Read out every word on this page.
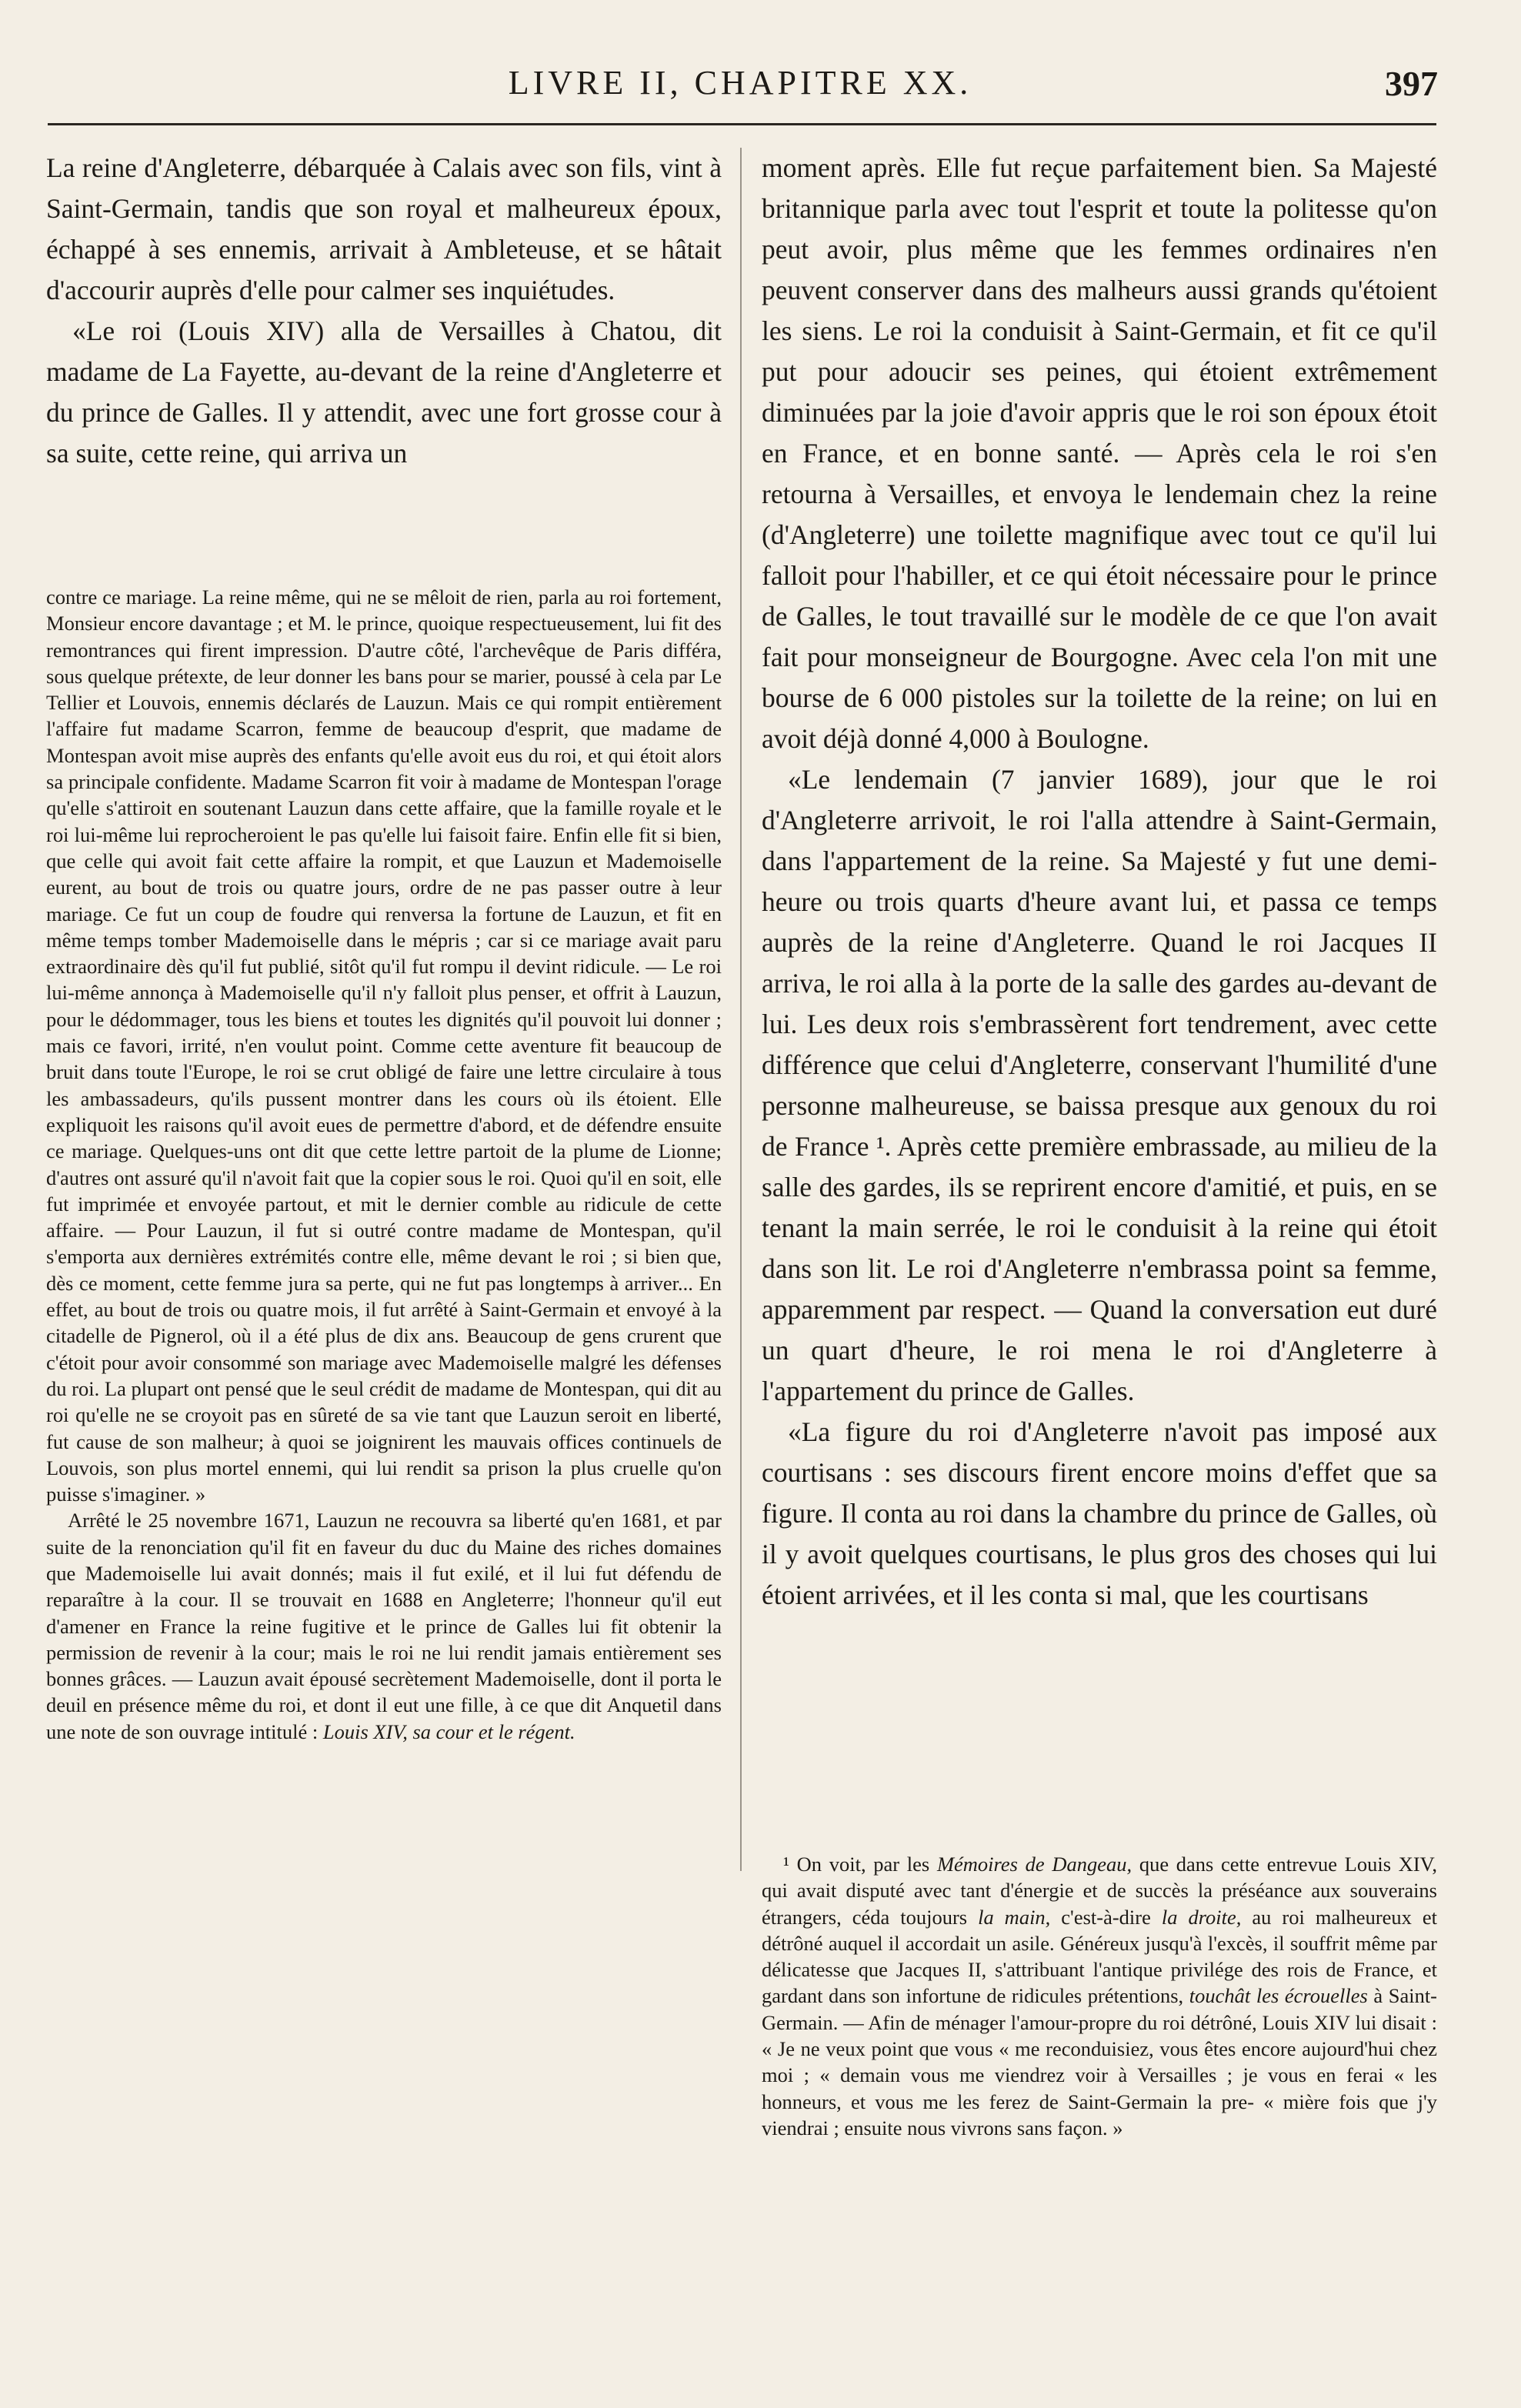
LIVRE II, CHAPITRE XX.	397

La reine d'Angleterre, débarquée à Calais avec son fils, vint à Saint-Germain, tandis que son royal et malheureux époux, échappé à ses ennemis, arrivait à Ambleteuse, et se hâtait d'accourir auprès d'elle pour calmer ses inquiétudes.

«Le roi (Louis XIV) alla de Versailles à Chatou, dit madame de La Fayette, au-devant de la reine d'Angleterre et du prince de Galles. Il y attendit, avec une fort grosse cour à sa suite, cette reine, qui arriva un

contre ce mariage. La reine même, qui ne se mêloit de rien, parla au roi fortement, Monsieur encore davantage ; et M. le prince, quoique respectueusement, lui fit des remontrances qui firent impression. D'autre côté, l'archevêque de Paris différa, sous quelque prétexte, de leur donner les bans pour se marier, poussé à cela par Le Tellier et Louvois, ennemis déclarés de Lauzun. Mais ce qui rompit entièrement l'affaire fut madame Scarron, femme de beaucoup d'esprit, que madame de Montespan avoit mise auprès des enfants qu'elle avoit eus du roi, et qui étoit alors sa principale confidente. Madame Scarron fit voir à madame de Montespan l'orage qu'elle s'attiroit en soutenant Lauzun dans cette affaire, que la famille royale et le roi lui-même lui reprocheroient le pas qu'elle lui faisoit faire. Enfin elle fit si bien, que celle qui avoit fait cette affaire la rompit, et que Lauzun et Mademoiselle eurent, au bout de trois ou quatre jours, ordre de ne pas passer outre à leur mariage. Ce fut un coup de foudre qui renversa la fortune de Lauzun, et fit en même temps tomber Mademoiselle dans le mépris ; car si ce mariage avait paru extraordinaire dès qu'il fut publié, sitôt qu'il fut rompu il devint ridicule. — Le roi lui-même annonça à Mademoiselle qu'il n'y falloit plus penser, et offrit à Lauzun, pour le dédommager, tous les biens et toutes les dignités qu'il pouvoit lui donner ; mais ce favori, irrité, n'en voulut point. Comme cette aventure fit beaucoup de bruit dans toute l'Europe, le roi se crut obligé de faire une lettre circulaire à tous les ambassadeurs, qu'ils pussent montrer dans les cours où ils étoient. Elle expliquoit les raisons qu'il avoit eues de permettre d'abord, et de défendre ensuite ce mariage. Quelques-uns ont dit que cette lettre partoit de la plume de Lionne; d'autres ont assuré qu'il n'avoit fait que la copier sous le roi. Quoi qu'il en soit, elle fut imprimée et envoyée partout, et mit le dernier comble au ridicule de cette affaire. — Pour Lauzun, il fut si outré contre madame de Montespan, qu'il s'emporta aux dernières extrémités contre elle, même devant le roi ; si bien que, dès ce moment, cette femme jura sa perte, qui ne fut pas longtemps à arriver... En effet, au bout de trois ou quatre mois, il fut arrêté à Saint-Germain et envoyé à la citadelle de Pignerol, où il a été plus de dix ans. Beaucoup de gens crurent que c'étoit pour avoir consommé son mariage avec Mademoiselle malgré les défenses du roi. La plupart ont pensé que le seul crédit de madame de Montespan, qui dit au roi qu'elle ne se croyoit pas en sûreté de sa vie tant que Lauzun seroit en liberté, fut cause de son malheur; à quoi se joignirent les mauvais offices continuels de Louvois, son plus mortel ennemi, qui lui rendit sa prison la plus cruelle qu'on puisse s'imaginer. »

Arrêté le 25 novembre 1671, Lauzun ne recouvra sa liberté qu'en 1681, et par suite de la renonciation qu'il fit en faveur du duc du Maine des riches domaines que Mademoiselle lui avait donnés; mais il fut exilé, et il lui fut défendu de reparaître à la cour. Il se trouvait en 1688 en Angleterre; l'honneur qu'il eut d'amener en France la reine fugitive et le prince de Galles lui fit obtenir la permission de revenir à la cour; mais le roi ne lui rendit jamais entièrement ses bonnes grâces. — Lauzun avait épousé secrètement Mademoiselle, dont il porta le deuil en présence même du roi, et dont il eut une fille, à ce que dit Anquetil dans une note de son ouvrage intitulé : Louis XIV, sa cour et le régent.

moment après. Elle fut reçue parfaitement bien. Sa Majesté britannique parla avec tout l'esprit et toute la politesse qu'on peut avoir, plus même que les femmes ordinaires n'en peuvent conserver dans des malheurs aussi grands qu'étoient les siens. Le roi la conduisit à Saint-Germain, et fit ce qu'il put pour adoucir ses peines, qui étoient extrêmement diminuées par la joie d'avoir appris que le roi son époux étoit en France, et en bonne santé. — Après cela le roi s'en retourna à Versailles, et envoya le lendemain chez la reine (d'Angleterre) une toilette magnifique avec tout ce qu'il lui falloit pour l'habiller, et ce qui étoit nécessaire pour le prince de Galles, le tout travaillé sur le modèle de ce que l'on avait fait pour monseigneur de Bourgogne. Avec cela l'on mit une bourse de 6 000 pistoles sur la toilette de la reine; on lui en avoit déjà donné 4,000 à Boulogne.

«Le lendemain (7 janvier 1689), jour que le roi d'Angleterre arrivoit, le roi l'alla attendre à Saint-Germain, dans l'appartement de la reine. Sa Majesté y fut une demi-heure ou trois quarts d'heure avant lui, et passa ce temps auprès de la reine d'Angleterre. Quand le roi Jacques II arriva, le roi alla à la porte de la salle des gardes au-devant de lui. Les deux rois s'embrassèrent fort tendrement, avec cette différence que celui d'Angleterre, conservant l'humilité d'une personne malheureuse, se baissa presque aux genoux du roi de France ¹. Après cette première embrassade, au milieu de la salle des gardes, ils se reprirent encore d'amitié, et puis, en se tenant la main serrée, le roi le conduisit à la reine qui étoit dans son lit. Le roi d'Angleterre n'embrassa point sa femme, apparemment par respect. — Quand la conversation eut duré un quart d'heure, le roi mena le roi d'Angleterre à l'appartement du prince de Galles.

«La figure du roi d'Angleterre n'avoit pas imposé aux courtisans : ses discours firent encore moins d'effet que sa figure. Il conta au roi dans la chambre du prince de Galles, où il y avoit quelques courtisans, le plus gros des choses qui lui étoient arrivées, et il les conta si mal, que les courtisans

¹ On voit, par les Mémoires de Dangeau, que dans cette entrevue Louis XIV, qui avait disputé avec tant d'énergie et de succès la préséance aux souverains étrangers, céda toujours la main, c'est-à-dire la droite, au roi malheureux et détrôné auquel il accordait un asile. Généreux jusqu'à l'excès, il souffrit même par délicatesse que Jacques II, s'attribuant l'antique privilége des rois de France, et gardant dans son infortune de ridicules prétentions, touchât les écrouelles à Saint-Germain. — Afin de ménager l'amour-propre du roi détrôné, Louis XIV lui disait : « Je ne veux point que vous « me reconduisiez, vous êtes encore aujourd'hui chez moi ; « demain vous me viendrez voir à Versailles ; je vous en ferai « les honneurs, et vous me les ferez de Saint-Germain la pre- « mière fois que j'y viendrai ; ensuite nous vivrons sans façon. »
